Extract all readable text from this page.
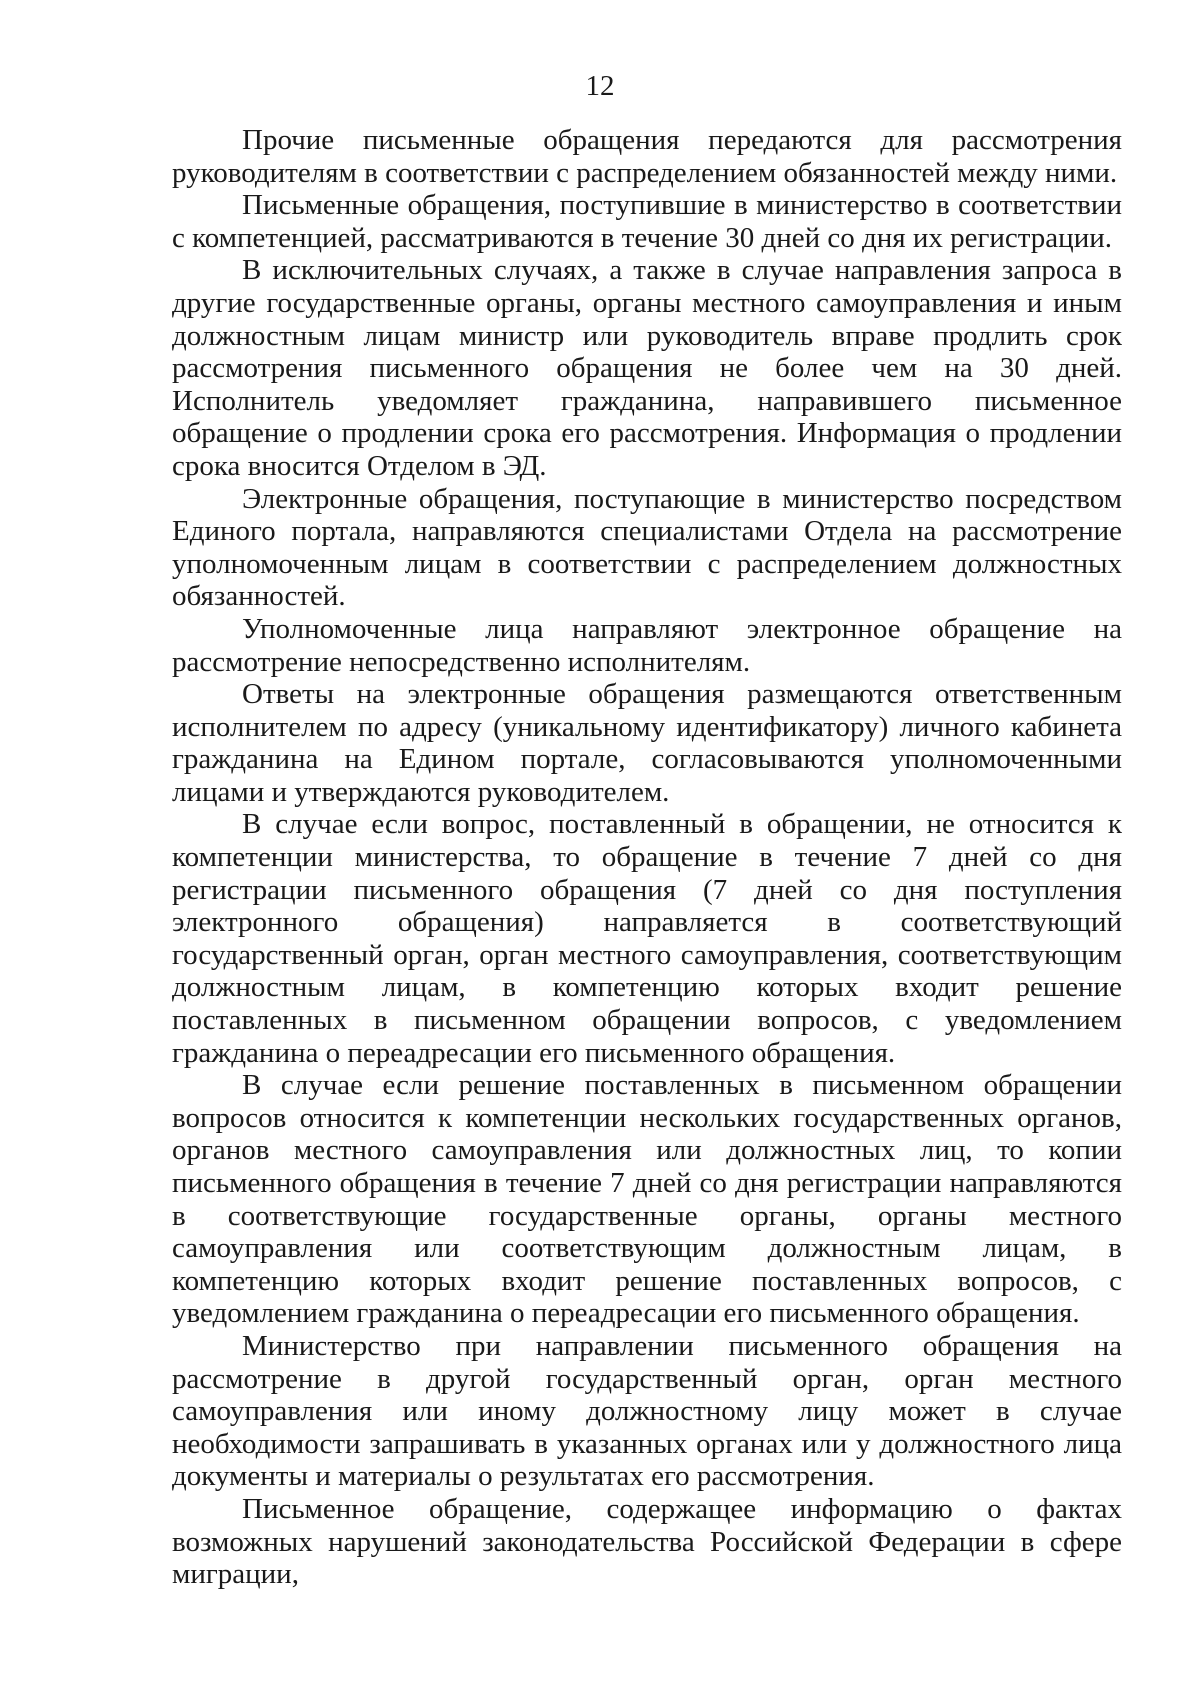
12

Прочие письменные обращения передаются для рассмотрения руководителям в соответствии с распределением обязанностей между ними.

Письменные обращения, поступившие в министерство в соответствии с компетенцией, рассматриваются в течение 30 дней со дня их регистрации.

В исключительных случаях, а также в случае направления запроса в другие государственные органы, органы местного самоуправления и иным должностным лицам министр или руководитель вправе продлить срок рассмотрения письменного обращения не более чем на 30 дней. Исполнитель уведомляет гражданина, направившего письменное обращение о продлении срока его рассмотрения. Информация о продлении срока вносится Отделом в ЭД.

Электронные обращения, поступающие в министерство посредством Единого портала, направляются специалистами Отдела на рассмотрение уполномоченным лицам в соответствии с распределением должностных обязанностей.

Уполномоченные лица направляют электронное обращение на рассмотрение непосредственно исполнителям.

Ответы на электронные обращения размещаются ответственным исполнителем по адресу (уникальному идентификатору) личного кабинета гражданина на Едином портале, согласовываются уполномоченными лицами и утверждаются руководителем.

В случае если вопрос, поставленный в обращении, не относится к компетенции министерства, то обращение в течение 7 дней со дня регистрации письменного обращения (7 дней со дня поступления электронного обращения) направляется в соответствующий государственный орган, орган местного самоуправления, соответствующим должностным лицам, в компетенцию которых входит решение поставленных в письменном обращении вопросов, с уведомлением гражданина о переадресации его письменного обращения.

В случае если решение поставленных в письменном обращении вопросов относится к компетенции нескольких государственных органов, органов местного самоуправления или должностных лиц, то копии письменного обращения в течение 7 дней со дня регистрации направляются в соответствующие государственные органы, органы местного самоуправления или соответствующим должностным лицам, в компетенцию которых входит решение поставленных вопросов, с уведомлением гражданина о переадресации его письменного обращения.

Министерство при направлении письменного обращения на рассмотрение в другой государственный орган, орган местного самоуправления или иному должностному лицу может в случае необходимости запрашивать в указанных органах или у должностного лица документы и материалы о результатах его рассмотрения.

Письменное обращение, содержащее информацию о фактах возможных нарушений законодательства Российской Федерации в сфере миграции,
